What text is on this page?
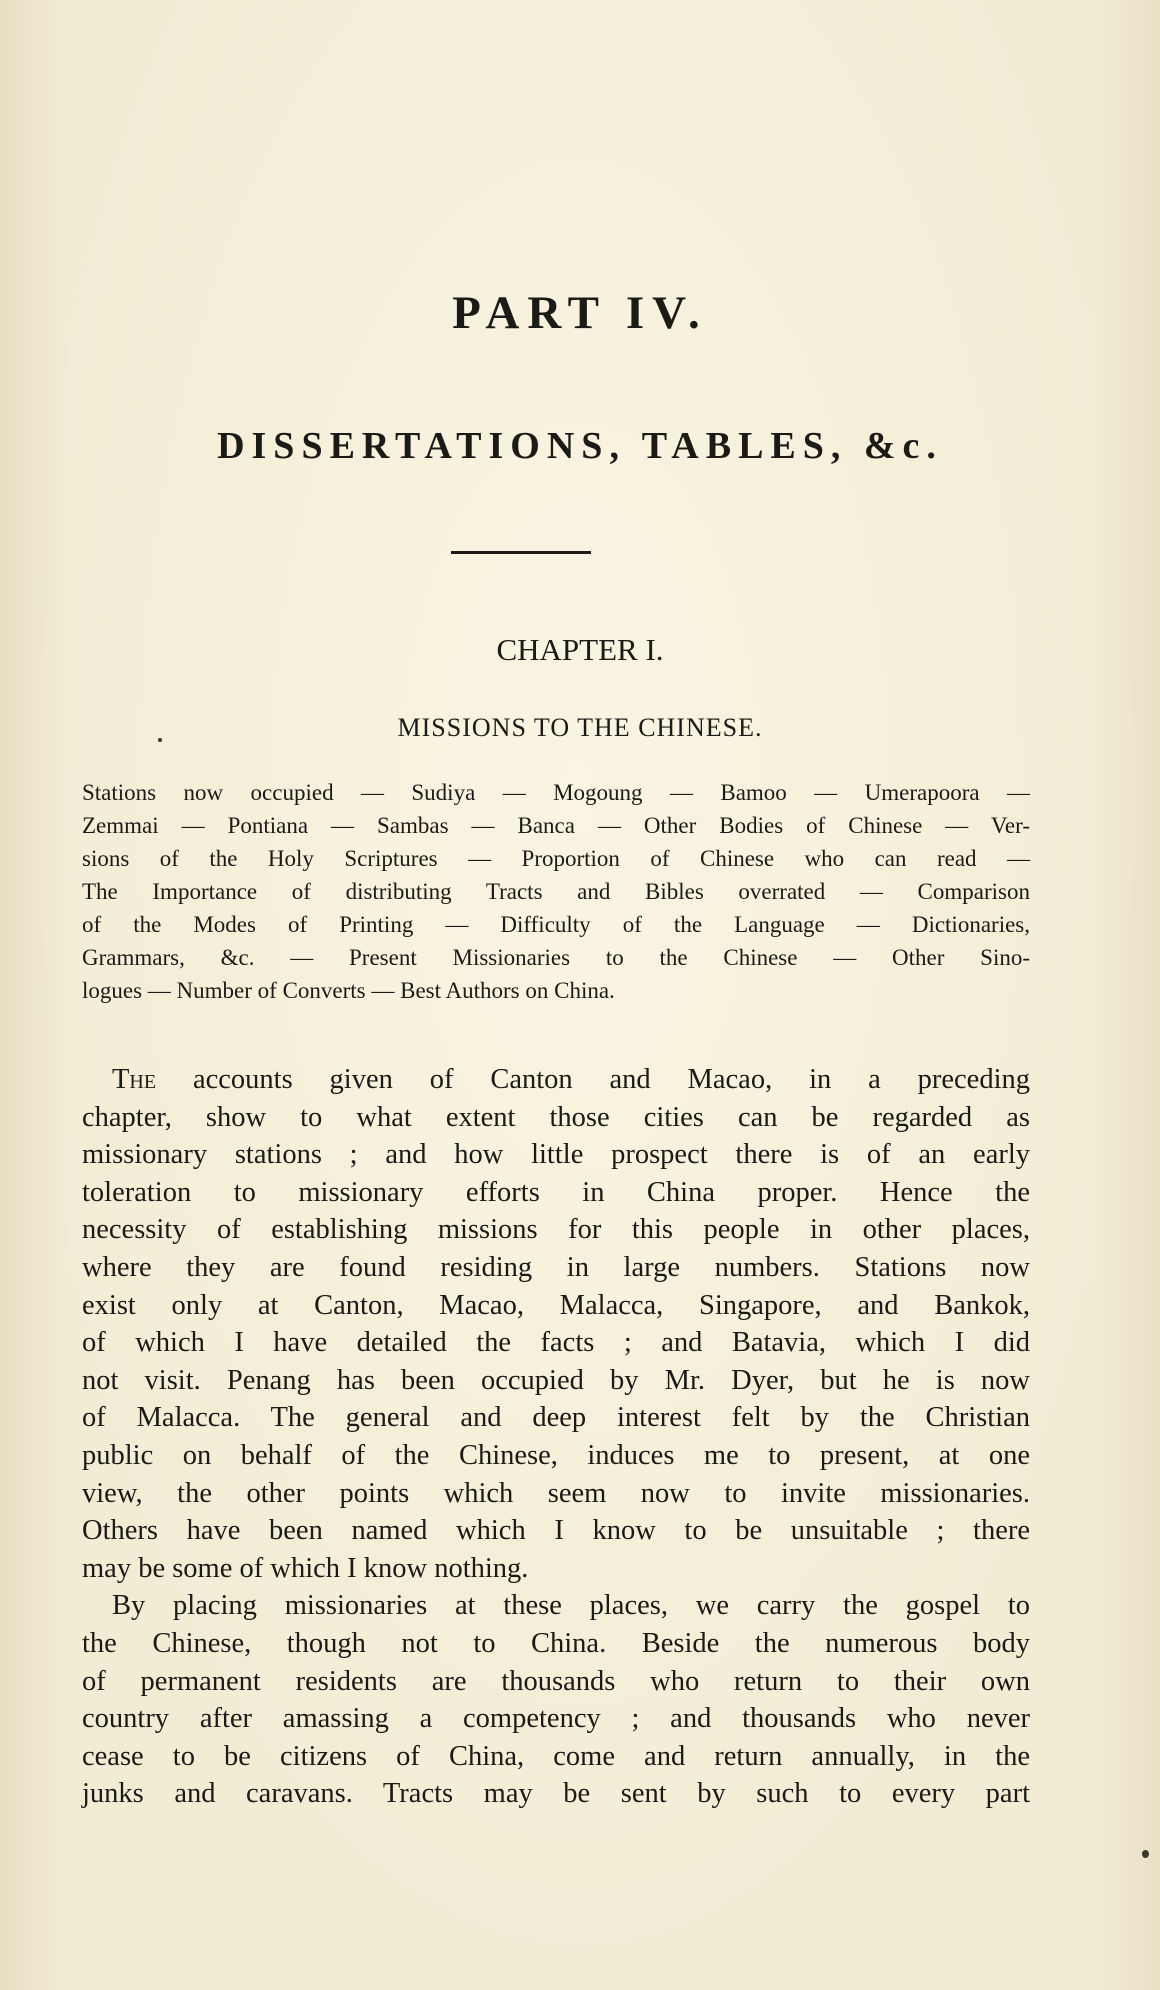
PART IV.
DISSERTATIONS, TABLES, &c.
CHAPTER I.
MISSIONS TO THE CHINESE.
Stations now occupied — Sudiya — Mogoung — Bamoo — Umerapoora —
Zemmai — Pontiana — Sambas — Banca — Other Bodies of Chinese — Ver-
sions of the Holy Scriptures — Proportion of Chinese who can read —
The Importance of distributing Tracts and Bibles overrated — Comparison
of the Modes of Printing — Difficulty of the Language — Dictionaries,
Grammars, &c. — Present Missionaries to the Chinese — Other Sino-
logues — Number of Converts — Best Authors on China.
The accounts given of Canton and Macao, in a preceding
chapter, show to what extent those cities can be regarded as
missionary stations ; and how little prospect there is of an early
toleration to missionary efforts in China proper. Hence the
necessity of establishing missions for this people in other places,
where they are found residing in large numbers. Stations now
exist only at Canton, Macao, Malacca, Singapore, and Bankok,
of which I have detailed the facts ; and Batavia, which I did
not visit. Penang has been occupied by Mr. Dyer, but he is now
of Malacca. The general and deep interest felt by the Christian
public on behalf of the Chinese, induces me to present, at one
view, the other points which seem now to invite missionaries.
Others have been named which I know to be unsuitable ; there
may be some of which I know nothing.
By placing missionaries at these places, we carry the gospel to
the Chinese, though not to China. Beside the numerous body
of permanent residents are thousands who return to their own
country after amassing a competency ; and thousands who never
cease to be citizens of China, come and return annually, in the
junks and caravans. Tracts may be sent by such to every part
